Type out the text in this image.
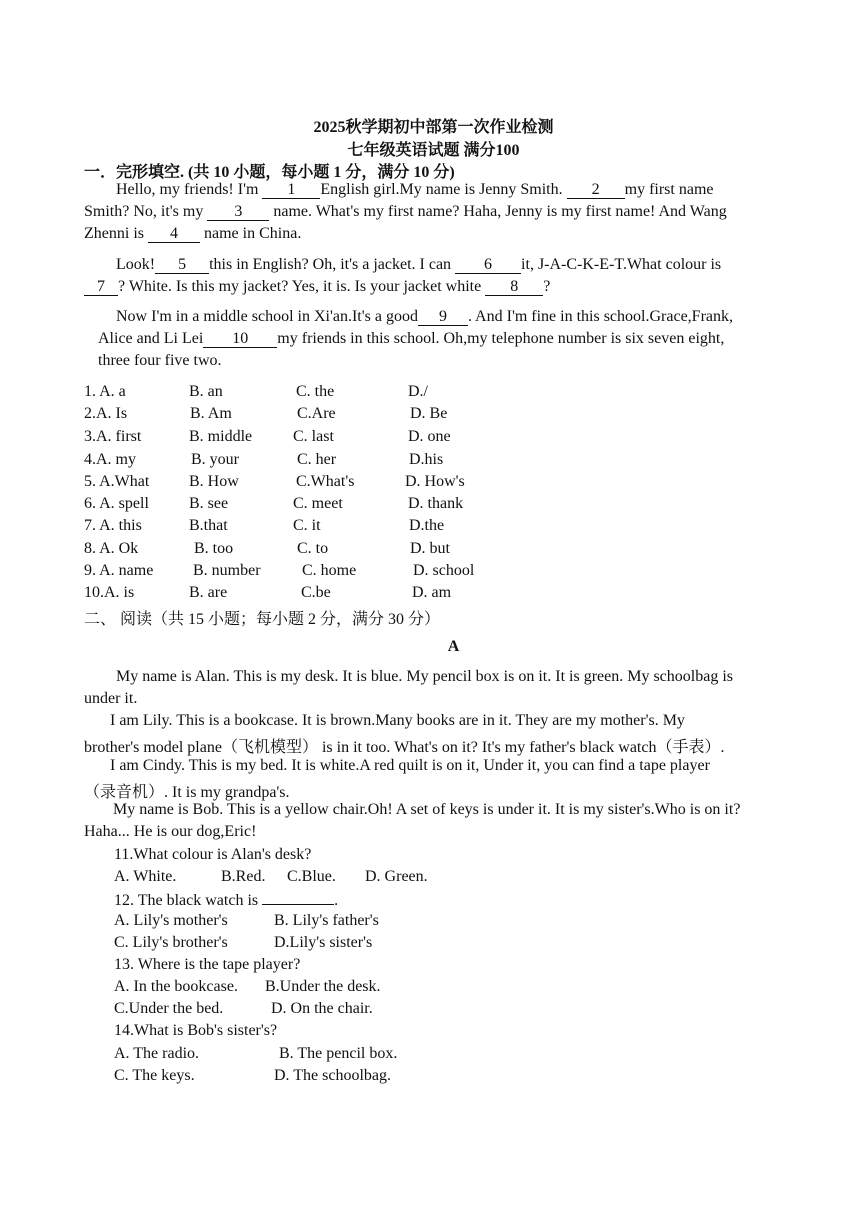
2025秋学期初中部第一次作业检测
七年级英语试题 满分100
一．完形填空. (共 10 小题，每小题 1 分，满分 10 分)
Hello, my friends! I'm 1 English girl.My name is Jenny Smith. 2 my first name
Smith? No, it's my 3 name. What's my first name? Haha, Jenny is my first name! And Wang
Zhenni is 4 name in China.
Look! 5 this in English? Oh, it's a jacket. I can 6 it, J-A-C-K-E-T.What colour is
7 ? White. Is this my jacket? Yes, it is. Is your jacket white 8 ?
Now I'm in a middle school in Xi'an.It's a good 9 . And I'm fine in this school.Grace,Frank,
Alice and Li Lei 10 my friends in this school. Oh,my telephone number is six seven eight,
three four five two.
1. A. a	B. an	C. the	D./
2.A. Is	B. Am	C.Are	D. Be
3.A. first	B. middle	C. last	D. one
4.A. my	B. your	C. her	D.his
5. A.What B. How	C.What's	D. How's
6. A. spell	B. see	C. meet	D. thank
7. A. this	B.that	C. it	D.the
8. A. Ok	B. too	C. to	D. but
9. A. name B. number	C. home	D. school
10.A. is	B. are	C.be	D. am
二、 阅读（共 15 小题；每小题 2 分，满分 30 分）
A
My name is Alan. This is my desk. It is blue. My pencil box is on it. It is green. My schoolbag is
under it.
I am Lily. This is a bookcase. It is brown.Many books are in it. They are my mother's. My
brother's model plane（飞机模型） is in it too. What's on it? It's my father's black watch（手表）.
I am Cindy. This is my bed. It is white.A red quilt is on it, Under it, you can find a tape player
（录音机）. It is my grandpa's.
My name is Bob. This is a yellow chair.Oh! A set of keys is under it. It is my sister's.Who is on it?
Haha... He is our dog,Eric!
11.What colour is Alan's desk?
A. White.	B.Red. C.Blue. D. Green.
12. The black watch is	.
A. Lily's mother's	B. Lily's father's
C. Lily's brother's	D.Lily's sister's
13. Where is the tape player?
A. In the bookcase. B.Under the desk.
C.Under the bed.	D. On the chair.
14.What is Bob's sister's?
A. The radio.	B. The pencil box.
C. The keys.	D. The schoolbag.
